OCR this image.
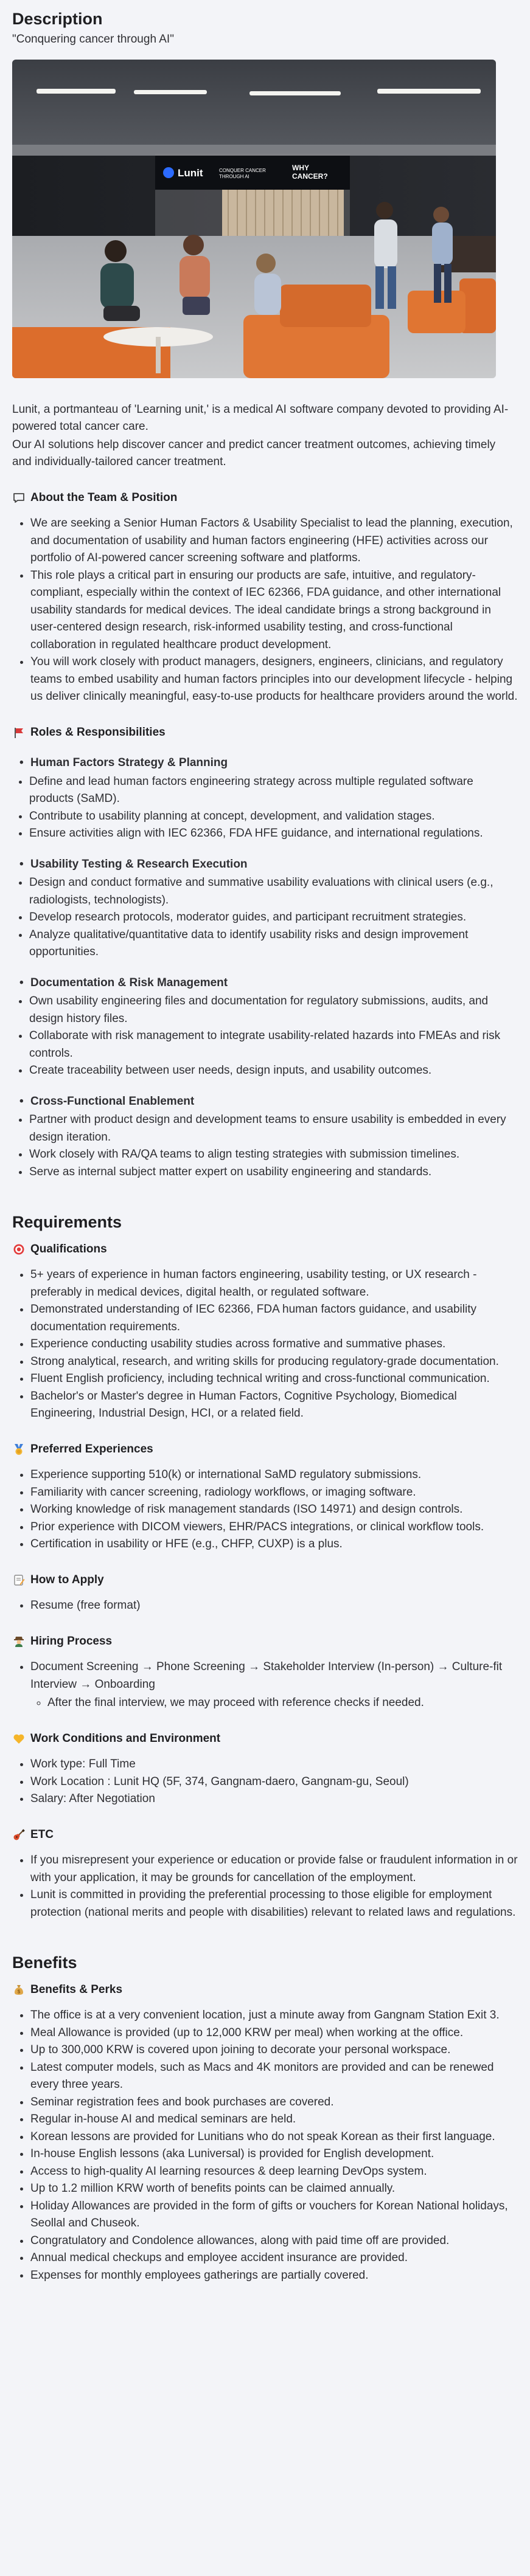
Description
"Conquering cancer through AI"
Lunit	CONQUER CANCER
THROUGH AI
WHY
CANCER?

Lunit, a portmanteau of 'Learning unit,' is a medical AI software company devoted to providing AI-powered total cancer care.

Our AI solutions help discover cancer and predict cancer treatment outcomes, achieving timely and individually-tailored cancer treatment.

About the Team & Position
• We are seeking a Senior Human Factors & Usability Specialist to lead the planning, execution, and documentation of usability and human factors engineering (HFE) activities across our portfolio of AI-powered cancer screening software and platforms.
• This role plays a critical part in ensuring our products are safe, intuitive, and regulatory-compliant, especially within the context of IEC 62366, FDA guidance, and other international usability standards for medical devices. The ideal candidate brings a strong background in user-centered design research, risk-informed usability testing, and cross-functional collaboration in regulated healthcare product development.
• You will work closely with product managers, designers, engineers, clinicians, and regulatory teams to embed usability and human factors principles into our development lifecycle - helping us deliver clinically meaningful, easy-to-use products for healthcare providers around the world.
Roles & Responsibilities
• Human Factors Strategy & Planning
• Define and lead human factors engineering strategy across multiple regulated software products (SaMD).
• Contribute to usability planning at concept, development, and validation stages.
• Ensure activities align with IEC 62366, FDA HFE guidance, and international regulations.
• Usability Testing & Research Execution
• Design and conduct formative and summative usability evaluations with clinical users (e.g., radiologists, technologists).
• Develop research protocols, moderator guides, and participant recruitment strategies.
• Analyze qualitative/quantitative data to identify usability risks and design improvement opportunities.
• Documentation & Risk Management
• Own usability engineering files and documentation for regulatory submissions, audits, and design history files.
• Collaborate with risk management to integrate usability-related hazards into FMEAs and risk controls.
• Create traceability between user needs, design inputs, and usability outcomes.
• Cross-Functional Enablement
• Partner with product design and development teams to ensure usability is embedded in every design iteration.
• Work closely with RA/QA teams to align testing strategies with submission timelines.
• Serve as internal subject matter expert on usability engineering and standards.
Requirements
Qualifications
• 5+ years of experience in human factors engineering, usability testing, or UX research -preferably in medical devices, digital health, or regulated software.
• Demonstrated understanding of IEC 62366, FDA human factors guidance, and usability documentation requirements.
• Experience conducting usability studies across formative and summative phases.
• Strong analytical, research, and writing skills for producing regulatory-grade documentation.
• Fluent English proficiency, including technical writing and cross-functional communication.
• Bachelor's or Master's degree in Human Factors, Cognitive Psychology, Biomedical Engineering, Industrial Design, HCI, or a related field.
Preferred Experiences
• Experience supporting 510(k) or international SaMD regulatory submissions.
• Familiarity with cancer screening, radiology workflows, or imaging software.
• Working knowledge of risk management standards (ISO 14971) and design controls.
• Prior experience with DICOM viewers, EHR/PACS integrations, or clinical workflow tools.
• Certification in usability or HFE (e.g., CHFP, CUXP) is a plus.
How to Apply
• Resume (free format)
Hiring Process
• Document Screening → Phone Screening → Stakeholder Interview (In-person) → Culture-fit Interview → Onboarding
◦ After the final interview, we may proceed with reference checks if needed.
Work Conditions and Environment
• Work type: Full Time
• Work Location : Lunit HQ (5F, 374, Gangnam-daero, Gangnam-gu, Seoul)
• Salary: After Negotiation
ETC
• If you misrepresent your experience or education or provide false or fraudulent information in or with your application, it may be grounds for cancellation of the employment.
• Lunit is committed in providing the preferential processing to those eligible for employment protection (national merits and people with disabilities) relevant to related laws and regulations.
Benefits
$ Benefits & Perks
• The office is at a very convenient location, just a minute away from Gangnam Station Exit 3.
• Meal Allowance is provided (up to 12,000 KRW per meal) when working at the office.
• Up to 300,000 KRW is covered upon joining to decorate your personal workspace.
• Latest computer models, such as Macs and 4K monitors are provided and can be renewed every three years.
• Seminar registration fees and book purchases are covered.
• Regular in-house AI and medical seminars are held.
• Korean lessons are provided for Lunitians who do not speak Korean as their first language.
• In-house English lessons (aka Luniversal) is provided for English development.
• Access to high-quality AI learning resources & deep learning DevOps system.
• Up to 1.2 million KRW worth of benefits points can be claimed annually.
• Holiday Allowances are provided in the form of gifts or vouchers for Korean National holidays, Seollal and Chuseok.
• Congratulatory and Condolence allowances, along with paid time off are provided.
• Annual medical checkups and employee accident insurance are provided.
• Expenses for monthly employees gatherings are partially covered.
